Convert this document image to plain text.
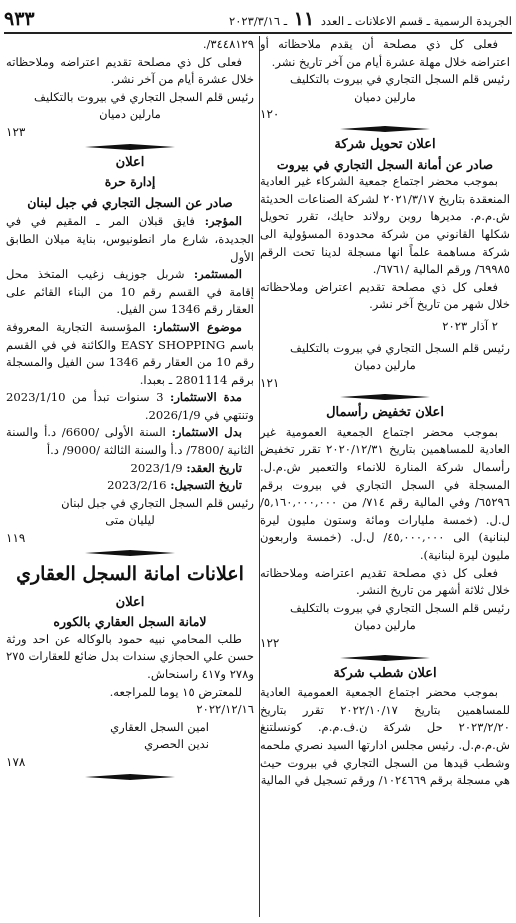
الجريدة الرسمية ـ قسم الاعلانات ـ العدد ١١ ـ ٢٠٢٣/٣/١٦
٩٣٣

فعلى كل ذي مصلحة أن يقدم ملاحظاته أو اعتراضه خلال مهلة عشرة أيام من آخر تاريخ نشر.

رئيس قلم السجل التجاري في بيروت بالتكليف

مارلين دميان

١٢٠

اعلان تحويل شركة

صادر عن أمانة السجل التجاري في بيروت

بموجب محضر اجتماع جمعية الشركاء غير العادية المنعقدة بتاريخ ٢٠٢١/٣/١٧ لشركة الصناعات الحديثة ش.م.م. مديرها روبن رولاند حايك، تقرر تحويل شكلها القانوني من شركة محدودة المسؤولية الى شركة مساهمة علماً انها مسجلة لدينا تحت الرقم ٦٩٩٨٥/ ورقم المالية /٦٧٦١/.

فعلى كل ذي مصلحة تقديم اعتراض وملاحظاته خلال شهر من تاريخ آخر نشر.

٢ آذار ٢٠٢٣

رئيس قلم السجل التجاري في بيروت بالتكليف

مارلين دميان

١٢١

اعلان تخفيض رأسمال

بموجب محضر اجتماع الجمعية العمومية غير العادية للمساهمين بتاريخ ٢٠٢٠/١٢/٣١ تقرر تخفيض رأسمال شركة المنارة للانماء والتعمير ش.م.ل. المسجلة في السجل التجاري في بيروت برقم ٦٥٢٩٦/ وفي المالية رقم ٧١٤/ من ٥,١٦٠,٠٠٠,٠٠٠/ ل.ل. (خمسة مليارات ومائة وستون مليون ليرة لبنانية) الى ٤٥,٠٠٠,٠٠٠/ ل.ل. (خمسة واربعون مليون ليرة لبنانية).

فعلى كل ذي مصلحة تقديم اعتراضه وملاحظاته خلال ثلاثة أشهر من تاريخ النشر.

رئيس قلم السجل التجاري في بيروت بالتكليف

مارلين دميان

١٢٢

اعلان شطب شركة

بموجب محضر اجتماع الجمعية العمومية العادية للمساهمين بتاريخ ٢٠٢٢/١٠/١٧ تقرر بتاريخ ٢٠٢٣/٢/٢٠ حل شركة ن.ف.م.م. كونسلتنغ ش.م.م.ل. رئيس مجلس ادارتها السيد نصري ملحمه وشطب قيدها من السجل التجاري في بيروت حيث هي مسجلة برقم ١٠٢٤٦٦٩/ ورقم تسجيل في المالية

٣٤٤٨١٢٩/.

فعلى كل ذي مصلحة تقديم اعتراضه وملاحظاته خلال عشرة أيام من آخر نشر.

رئيس قلم السجل التجاري في بيروت بالتكليف

مارلين دميان

١٢٣

اعلان

إدارة حرة

صادر عن السجل التجاري في جبل لبنان

المؤجر: فايق قبلان المر ـ المقيم في في الجديدة، شارع مار انطونيوس، بناية ميلان الطابق الأول

المستثمر: شربل جوزيف زغيب المتخذ محل إقامة في القسم رقم 10 من البناء القائم على العقار رقم 1346 سن الفيل.

موضوع الاستثمار: المؤسسة التجارية المعروفة باسم EASY SHOPPING والكائنة في في القسم رقم 10 من العقار رقم 1346 سن الفيل والمسجلة برقم 2801114 ـ بعبدا.

مدة الاستثمار: 3 سنوات تبدأ من 2023/1/10 وتنتهي في 2026/1/9.

بدل الاستثمار: السنة الأولى /6600/ د.أ والسنة الثانية /7800/ د.أ والسنة الثالثة /9000/ د.أ

تاريخ العقد: 2023/1/9

تاريخ التسجيل: 2023/2/16

رئيس قلم السجل التجاري في جبل لبنان

ليليان متى

١١٩

اعلانات امانة السجل العقاري

اعلان

لامانة السجل العقاري بالكوره

طلب المحامي نبيه حمود بالوكاله عن احد ورثة حسن علي الحجازي سندات بدل ضائع للعقارات ٢٧٥ و٢٧٨ و٤١٧ راسنحاش.

للمعترض ١٥ يوما للمراجعه.

٢٠٢٢/١٢/١٦

امين السجل العقاري

ندين الحصري

١٧٨
